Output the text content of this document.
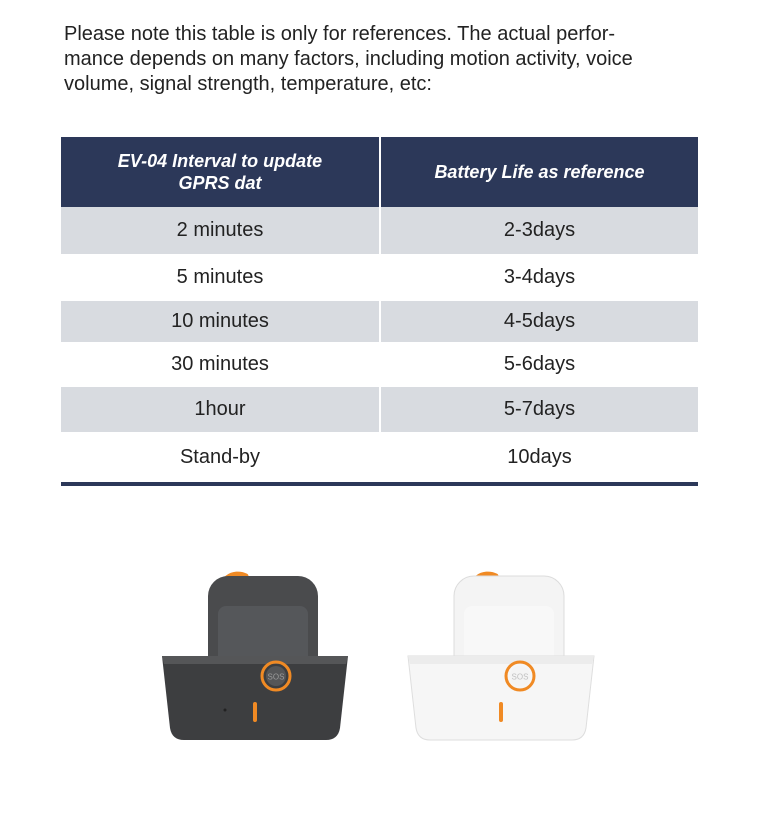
Please note this table is only for references. The actual perfor-
mance depends on many factors, including motion activity, voice
volume, signal strength, temperature, etc:
EV-04 Interval to update
GPRS dat	Battery Life as reference
2 minutes	2-3days
5 minutes	3-4days
10 minutes	4-5days
30 minutes	5-6days
1hour	5-7days
Stand-by	10days
SOS	SOS
